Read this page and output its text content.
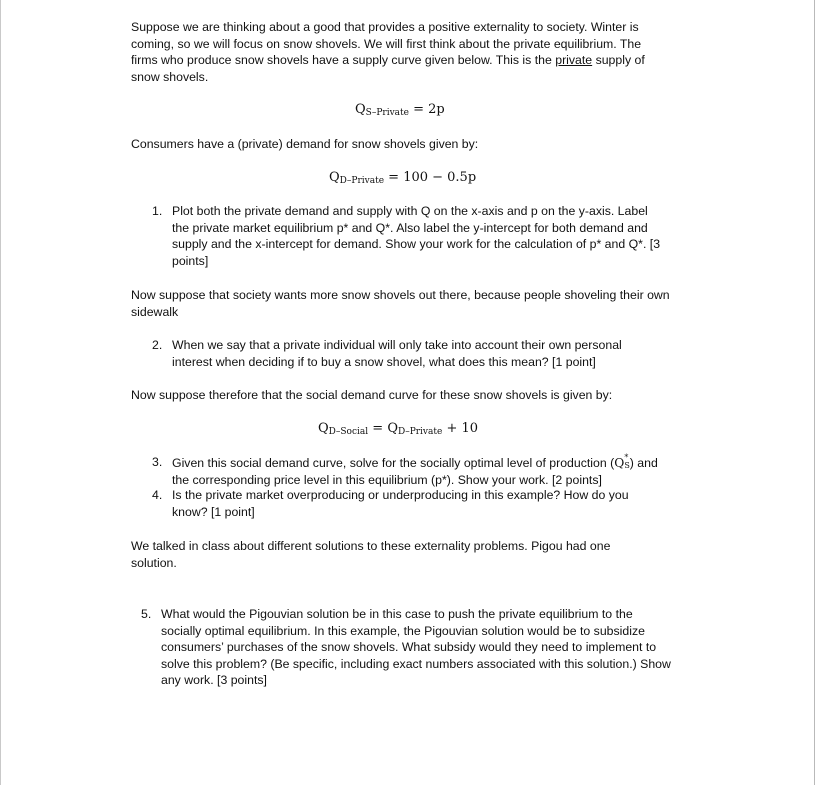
Suppose we are thinking about a good that provides a positive externality to society. Winter is coming, so we will focus on snow shovels. We will first think about the private equilibrium. The firms who produce snow shovels have a supply curve given below. This is the private supply of snow shovels.

$Q_{S-Private} = 2p$

Consumers have a (private) demand for snow shovels given by:

$Q_{D-Private} = 100 - 0.5p$
1. Plot both the private demand and supply with Q on the x-axis and p on the y-axis. Label the private market equilibrium p* and Q*. Also label the y-intercept for both demand and supply and the x-intercept for demand. Show your work for the calculation of p* and Q*. [3 points]

Now suppose that society wants more snow shovels out there, because people shoveling their own sidewalk

2. When we say that a private individual will only take into account their own personal interest when deciding if to buy a snow shovel, what does this mean? [1 point]

Now suppose therefore that the social demand curve for these snow shovels is given by:

$Q_{D-Social} = Q_{D-Private} + 10$
3. Given this social demand curve, solve for the socially optimal level of production (Q *
S ) and the corresponding price level in this equilibrium (p*). Show your work. [2 points]
4. Is the private market overproducing or underproducing in this example? How do you know? [1 point]

We talked in class about different solutions to these externality problems. Pigou had one solution.

5. What would the Pigouvian solution be in this case to push the private equilibrium to the socially optimal equilibrium. In this example, the Pigouvian solution would be to subsidize consumers’ purchases of the snow shovels. What subsidy would they need to implement to solve this problem? (Be specific, including exact numbers associated with this solution.) Show any work. [3 points]
